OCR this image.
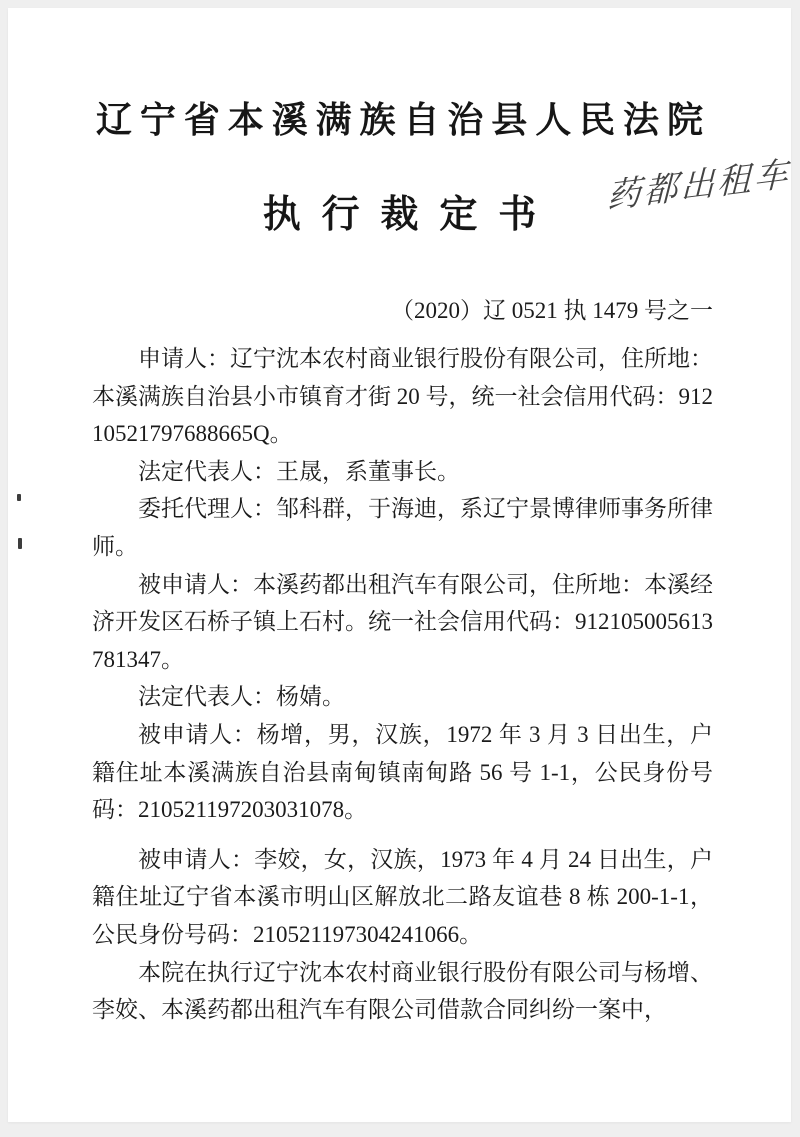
辽宁省本溪满族自治县人民法院
药都出租车
执行裁定书
（2020）辽 0521 执 1479 号之一

申请人：辽宁沈本农村商业银行股份有限公司，住所地：本溪满族自治县小市镇育才街 20 号，统一社会信用代码：91210521797688665Q。

法定代表人：王晟，系董事长。

委托代理人：邹科群，于海迪，系辽宁景博律师事务所律师。

被申请人：本溪药都出租汽车有限公司，住所地：本溪经济开发区石桥子镇上石村。统一社会信用代码：912105005613781347。

法定代表人：杨婧。

被申请人：杨增，男，汉族，1972 年 3 月 3 日出生，户籍住址本溪满族自治县南甸镇南甸路 56 号 1-1，公民身份号码：210521197203031078。

被申请人：李姣，女，汉族，1973 年 4 月 24 日出生，户籍住址辽宁省本溪市明山区解放北二路友谊巷 8 栋 200-1-1，公民身份号码：210521197304241066。

本院在执行辽宁沈本农村商业银行股份有限公司与杨增、李姣、本溪药都出租汽车有限公司借款合同纠纷一案中，
